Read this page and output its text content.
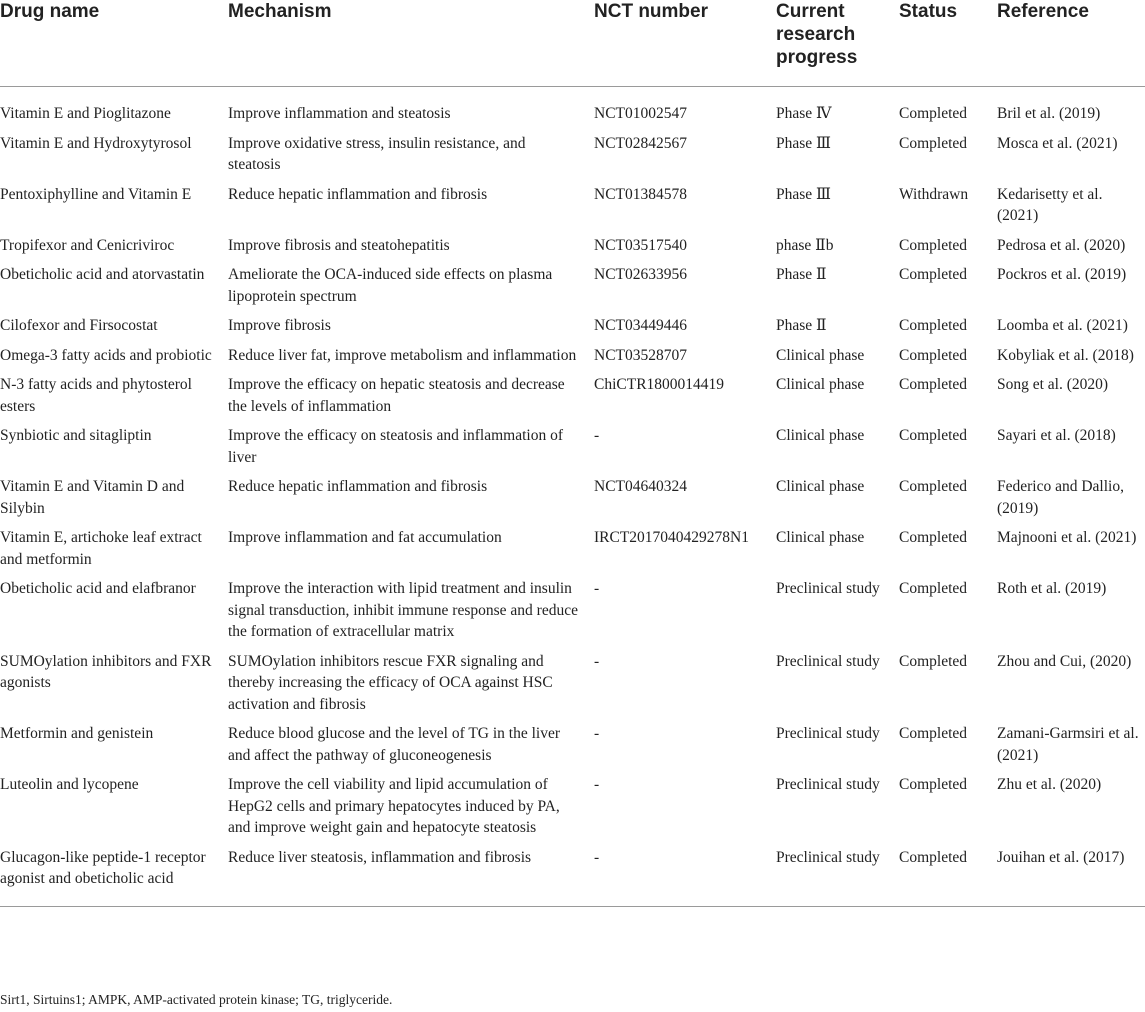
Drug name	Mechanism	NCT number	Current research progress	Status	Reference
Vitamin E and Pioglitazone	Improve inflammation and steatosis	NCT01002547	Phase Ⅳ	Completed	Bril et al. (2019)
Vitamin E and Hydroxytyrosol	Improve oxidative stress, insulin resistance, and steatosis	NCT02842567	Phase Ⅲ	Completed	Mosca et al. (2021)
Pentoxiphylline and Vitamin E	Reduce hepatic inflammation and fibrosis	NCT01384578	Phase Ⅲ	Withdrawn	Kedarisetty et al. (2021)
Tropifexor and Cenicriviroc	Improve fibrosis and steatohepatitis	NCT03517540	phase Ⅱb	Completed	Pedrosa et al. (2020)
Obeticholic acid and atorvastatin	Ameliorate the OCA-induced side effects on plasma lipoprotein spectrum	NCT02633956	Phase Ⅱ	Completed	Pockros et al. (2019)
Cilofexor and Firsocostat	Improve fibrosis	NCT03449446	Phase Ⅱ	Completed	Loomba et al. (2021)
Omega-3 fatty acids and probiotic	Reduce liver fat, improve metabolism and inflammation	NCT03528707	Clinical phase	Completed	Kobyliak et al. (2018)
N-3 fatty acids and phytosterol esters	Improve the efficacy on hepatic steatosis and decrease the levels of inflammation	ChiCTR1800014419	Clinical phase	Completed	Song et al. (2020)
Synbiotic and sitagliptin	Improve the efficacy on steatosis and inflammation of liver	-	Clinical phase	Completed	Sayari et al. (2018)
Vitamin E and Vitamin D and Silybin	Reduce hepatic inflammation and fibrosis	NCT04640324	Clinical phase	Completed	Federico and Dallio, (2019)
Vitamin E, artichoke leaf extract and metformin	Improve inflammation and fat accumulation	IRCT2017040429278N1	Clinical phase	Completed	Majnooni et al. (2021)
Obeticholic acid and elafbranor	Improve the interaction with lipid treatment and insulin signal transduction, inhibit immune response and reduce the formation of extracellular matrix	-	Preclinical study	Completed	Roth et al. (2019)
SUMOylation inhibitors and FXR agonists	SUMOylation inhibitors rescue FXR signaling and thereby increasing the efficacy of OCA against HSC activation and fibrosis	-	Preclinical study	Completed	Zhou and Cui, (2020)
Metformin and genistein	Reduce blood glucose and the level of TG in the liver and affect the pathway of gluconeogenesis	-	Preclinical study	Completed	Zamani-Garmsiri et al. (2021)
Luteolin and lycopene	Improve the cell viability and lipid accumulation of HepG2 cells and primary hepatocytes induced by PA, and improve weight gain and hepatocyte steatosis	-	Preclinical study	Completed	Zhu et al. (2020)
Glucagon-like peptide-1 receptor agonist and obeticholic acid	Reduce liver steatosis, inflammation and fibrosis	-	Preclinical study	Completed	Jouihan et al. (2017)
Sirt1, Sirtuins1; AMPK, AMP-activated protein kinase; TG, triglyceride.
